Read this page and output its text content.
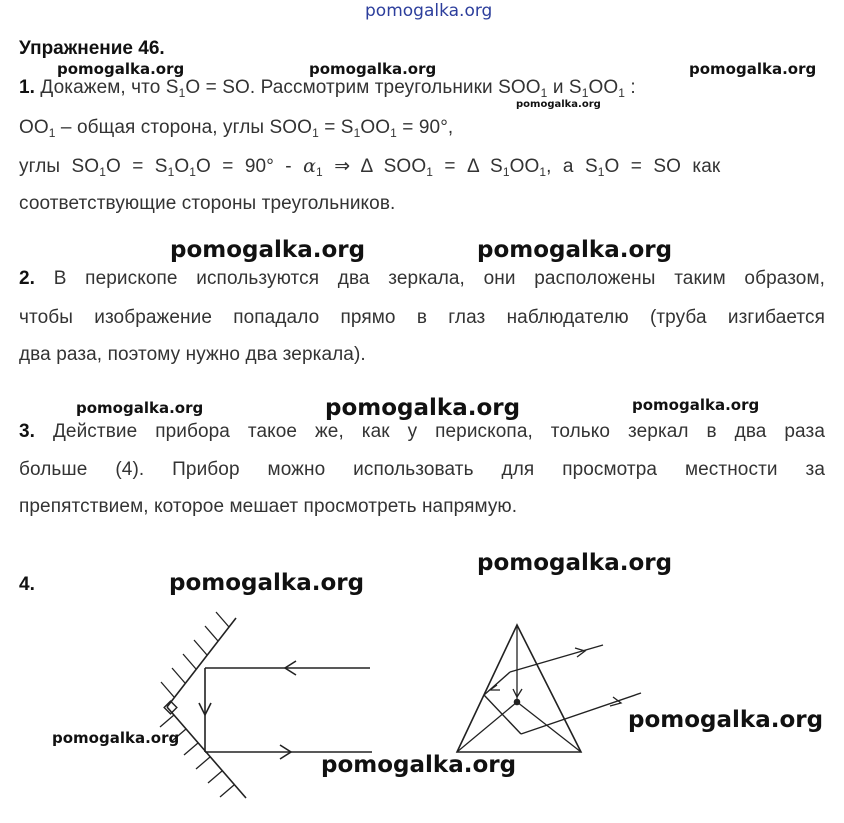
pomogalka.org
Упражнение 46.
pomogalka.org	pomogalka.org	pomogalka.org
pomogalka.org
1. Докажем, что $S_1O$ = SO. Рассмотрим треугольники $SOO_1$ и $S_1OO_1$ :
$OO_1$ – общая сторона, углы $SOO_1 = S_1OO_1 = 90^\circ$,
углы $SO_1O = S_1O_1O = 90^\circ - \alpha_1$ ⇒ Δ $SOO_1 = \Delta$ $S_1OO_1$, а $S_1O$ = SO как
соответствующие стороны треугольников.
pomogalka.org	pomogalka.org
2. В перископе используются два зеркала, они расположены таким образом,
чтобы изображение попадало прямо в глаз наблюдателю (труба изгибается
два раза, поэтому нужно два зеркала).
pomogalka.org	pomogalka.org	pomogalka.org
3. Действие прибора такое же, как у перископа, только зеркал в два раза
больше (4). Прибор можно использовать для просмотра местности за
препятствием, которое мешает просмотреть напрямую.
4.	pomogalka.org
pomogalka.org
pomogalka.org
pomogalka.org
pomogalka.org
